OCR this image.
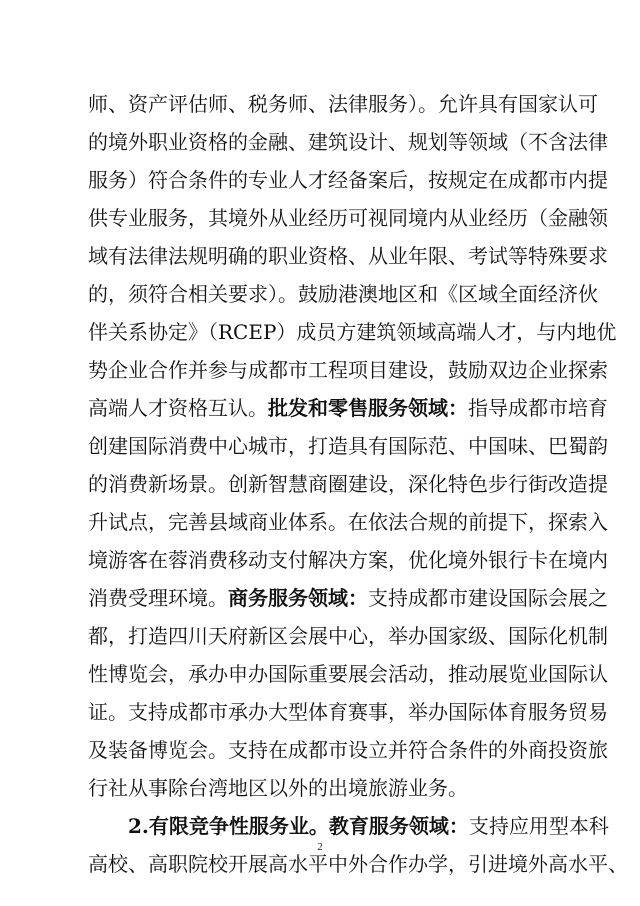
师、资产评估师、税务师、法律服务）。允许具有国家认可
的境外职业资格的金融、建筑设计、规划等领域（不含法律
服务）符合条件的专业人才经备案后，按规定在成都市内提
供专业服务，其境外从业经历可视同境内从业经历（金融领
域有法律法规明确的职业资格、从业年限、考试等特殊要求
的，须符合相关要求）。鼓励港澳地区和《区域全面经济伙
伴关系协定》（RCEP）成员方建筑领域高端人才，与内地优
势企业合作并参与成都市工程项目建设，鼓励双边企业探索
高端人才资格互认。批发和零售服务领域：指导成都市培育
创建国际消费中心城市，打造具有国际范、中国味、巴蜀韵
的消费新场景。创新智慧商圈建设，深化特色步行街改造提
升试点，完善县域商业体系。在依法合规的前提下，探索入
境游客在蓉消费移动支付解决方案，优化境外银行卡在境内
消费受理环境。商务服务领域：支持成都市建设国际会展之
都，打造四川天府新区会展中心，举办国家级、国际化机制
性博览会，承办申办国际重要展会活动，推动展览业国际认
证。支持成都市承办大型体育赛事，举办国际体育服务贸易
及装备博览会。支持在成都市设立并符合条件的外商投资旅
行社从事除台湾地区以外的出境旅游业务。
2.有限竞争性服务业。教育服务领域：支持应用型本科
高校、高职院校开展高水平中外合作办学，引进境外高水平、
2
